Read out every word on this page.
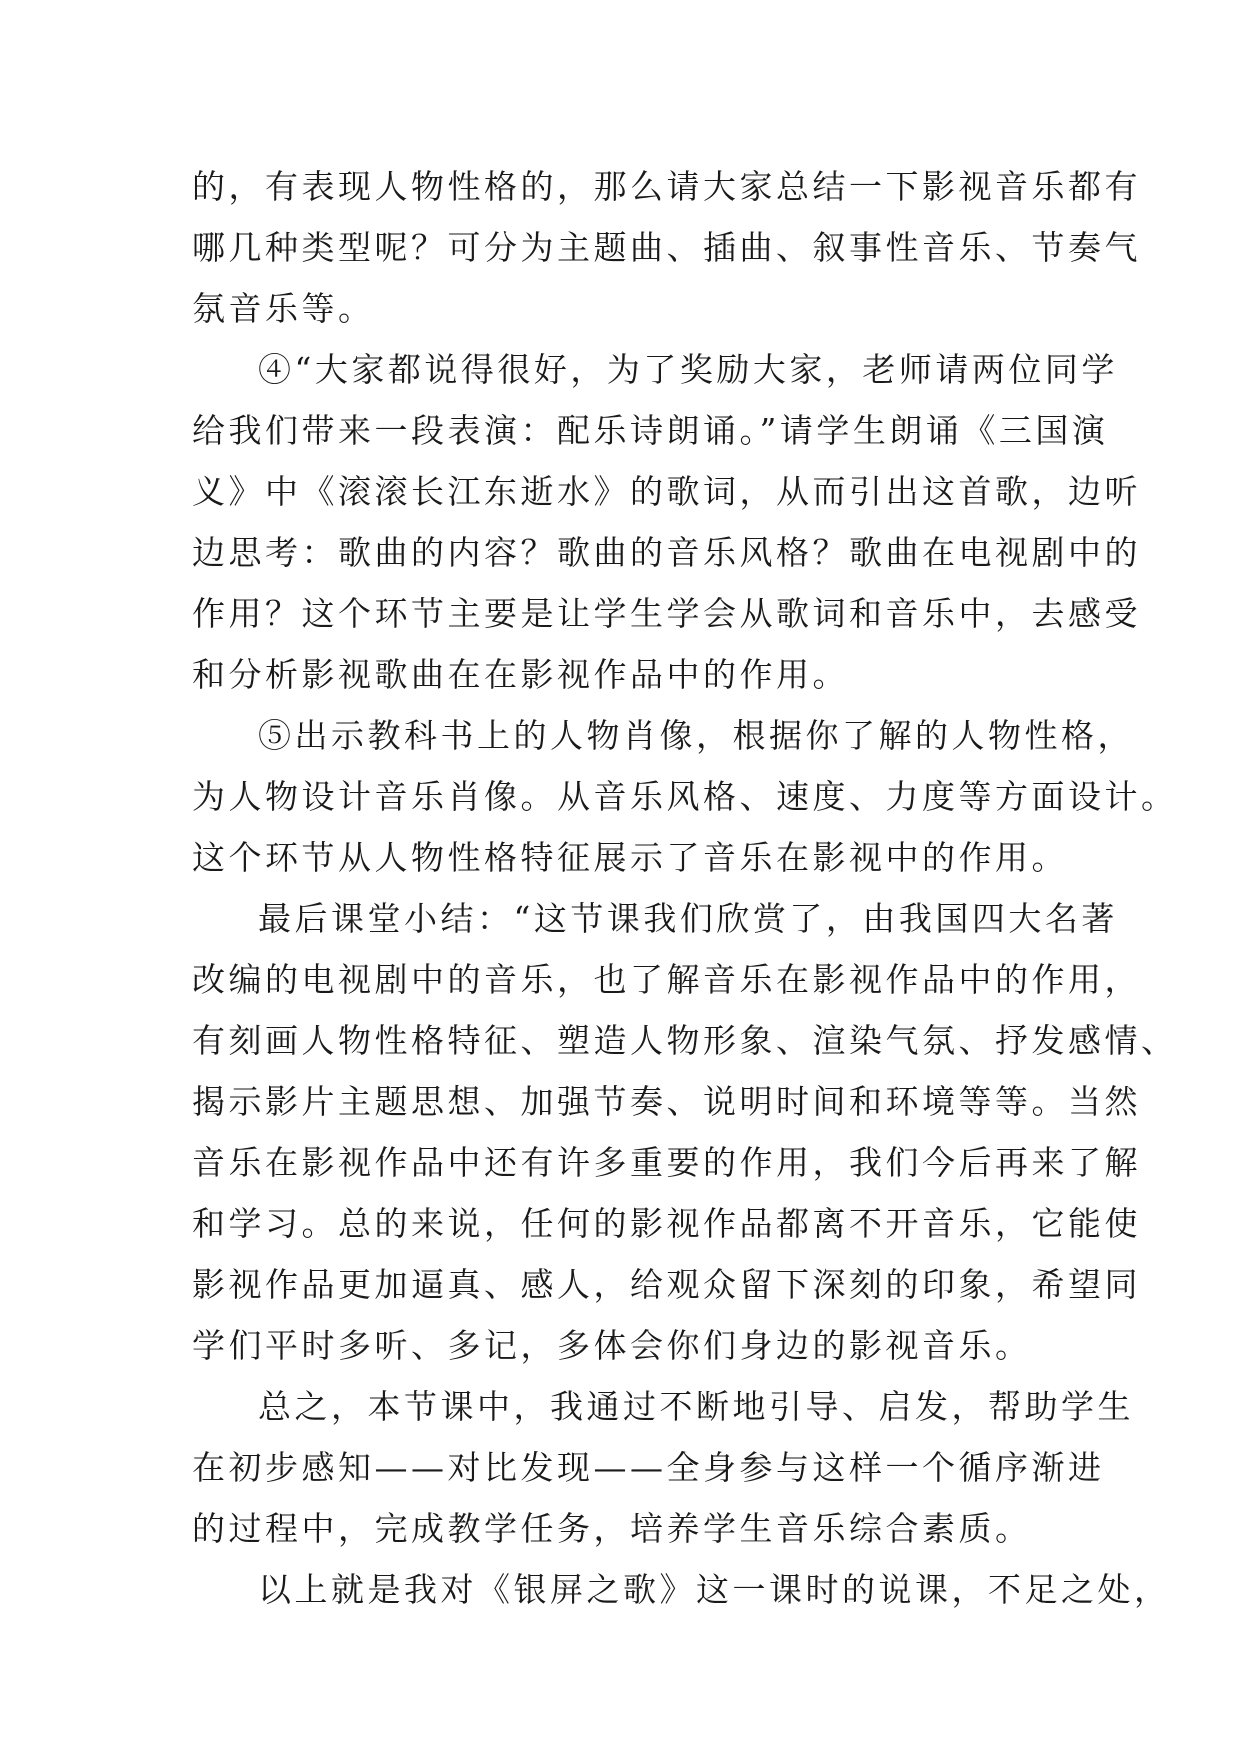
的，有表现人物性格的，那么请大家总结一下影视音乐都有
哪几种类型呢？可分为主题曲、插曲、叙事性音乐、节奏气
氛音乐等。

④“大家都说得很好，为了奖励大家，老师请两位同学
给我们带来一段表演：配乐诗朗诵。”请学生朗诵《三国演
义》中《滚滚长江东逝水》的歌词，从而引出这首歌，边听
边思考：歌曲的内容？歌曲的音乐风格？歌曲在电视剧中的
作用？这个环节主要是让学生学会从歌词和音乐中，去感受
和分析影视歌曲在在影视作品中的作用。

⑤出示教科书上的人物肖像，根据你了解的人物性格，
为人物设计音乐肖像。从音乐风格、速度、力度等方面设计。
这个环节从人物性格特征展示了音乐在影视中的作用。

最后课堂小结：“这节课我们欣赏了，由我国四大名著
改编的电视剧中的音乐，也了解音乐在影视作品中的作用，
有刻画人物性格特征、塑造人物形象、渲染气氛、抒发感情、
揭示影片主题思想、加强节奏、说明时间和环境等等。当然
音乐在影视作品中还有许多重要的作用，我们今后再来了解
和学习。总的来说，任何的影视作品都离不开音乐，它能使
影视作品更加逼真、感人，给观众留下深刻的印象，希望同
学们平时多听、多记，多体会你们身边的影视音乐。

总之，本节课中，我通过不断地引导、启发，帮助学生
在初步感知——对比发现——全身参与这样一个循序渐进
的过程中，完成教学任务，培养学生音乐综合素质。

以上就是我对《银屏之歌》这一课时的说课，不足之处，
